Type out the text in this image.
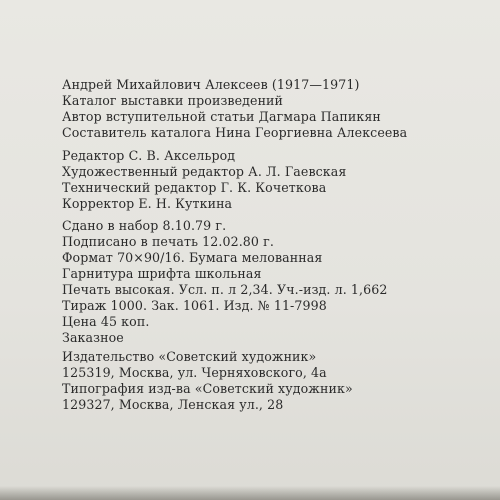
Андрей Михайлович Алексеев (1917—1971)
Каталог выставки произведений
Автор вступительной статьи Дагмара Папикян
Составитель каталога Нина Георгиевна Алексеева
Редактор С. В. Аксельрод
Художественный редактор А. Л. Гаевская
Технический редактор Г. К. Кочеткова
Корректор Е. Н. Куткина
Сдано в набор 8.10.79 г.
Подписано в печать 12.02.80 г.
Формат 70×90/16. Бумага мелованная
Гарнитура шрифта школьная
Печать высокая. Усл. п. л 2,34. Уч.-изд. л. 1,662
Тираж 1000. Зак. 1061. Изд. № 11-7998
Цена 45 коп.
Заказное
Издательство «Советский художник»
125319, Москва, ул. Черняховского, 4а
Типография изд-ва «Советский художник»
129327, Москва, Ленская ул., 28
